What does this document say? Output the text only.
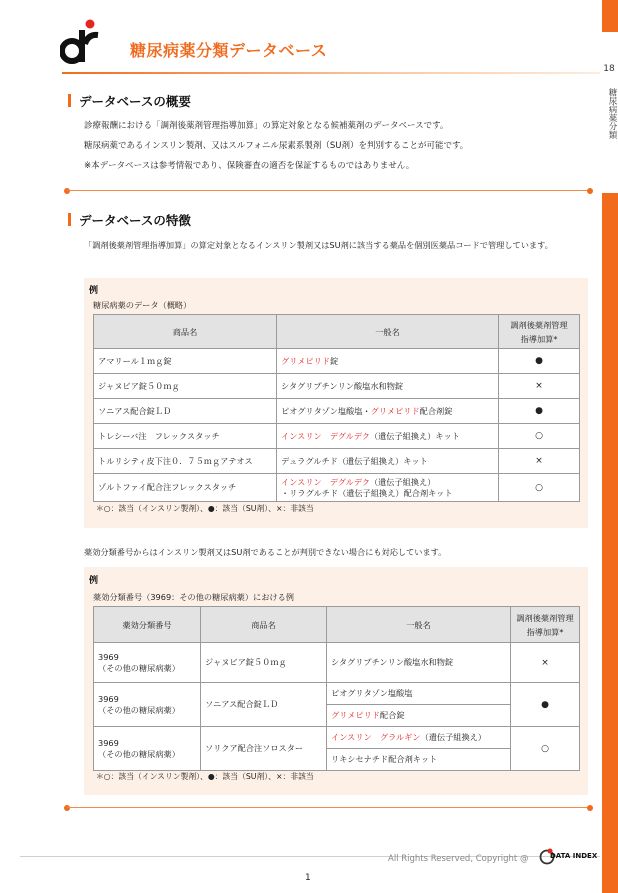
18
糖尿病薬分類
糖尿病薬分類データベース
データベースの概要
診療報酬における「調剤後薬剤管理指導加算」の算定対象となる候補薬剤のデータベースです。
糖尿病薬であるインスリン製剤、又はスルフォニル尿素系製剤（SU剤）を判別することが可能です。
※本データベースは参考情報であり、保険審査の適否を保証するものではありません。
データベースの特徴
「調剤後薬剤管理指導加算」の算定対象となるインスリン製剤又はSU剤に該当する薬品を個別医薬品コードで管理しています。
例
糖尿病薬のデータ（概略）
商品名	一般名	調剤後薬剤管理
指導加算*
アマリール１ｍｇ錠	グリメピリド錠	●
ジャヌビア錠５０ｍｇ	シタグリプチンリン酸塩水和物錠	×
ソニアス配合錠ＬＤ	ピオグリタゾン塩酸塩・グリメピリド配合剤錠	●
トレシーバ注　フレックスタッチ	インスリン　デグルデク（遺伝子組換え）キット	○
トルリシティ皮下注０．７５ｍｇアテオス	デュラグルチド（遺伝子組換え）キット	×
ゾルトファイ配合注フレックスタッチ	インスリン　デグルデク（遺伝子組換え）
・リラグルチド（遺伝子組換え）配合剤キット	○
＊○：該当（インスリン製剤）、●：該当（SU剤）、×：非該当
薬効分類番号からはインスリン製剤又はSU剤であることが判別できない場合にも対応しています。
例
薬効分類番号（3969：その他の糖尿病薬）における例
薬効分類番号	商品名	一般名	調剤後薬剤管理
指導加算*
3969
（その他の糖尿病薬）	ジャヌビア錠５０ｍｇ	シタグリプチンリン酸塩水和物錠	×
3969
（その他の糖尿病薬）	ソニアス配合錠ＬＤ	ピオグリタゾン塩酸塩	●
		グリメピリド配合錠	
3969
（その他の糖尿病薬）	ソリクア配合注ソロスター	インスリン　グラルギン（遺伝子組換え）	○
		リキシセナチド配合剤キット	
＊○：該当（インスリン製剤）、●：該当（SU剤）、×：非該当
All Rights Reserved, Copyright @	DATA INDEX
1
